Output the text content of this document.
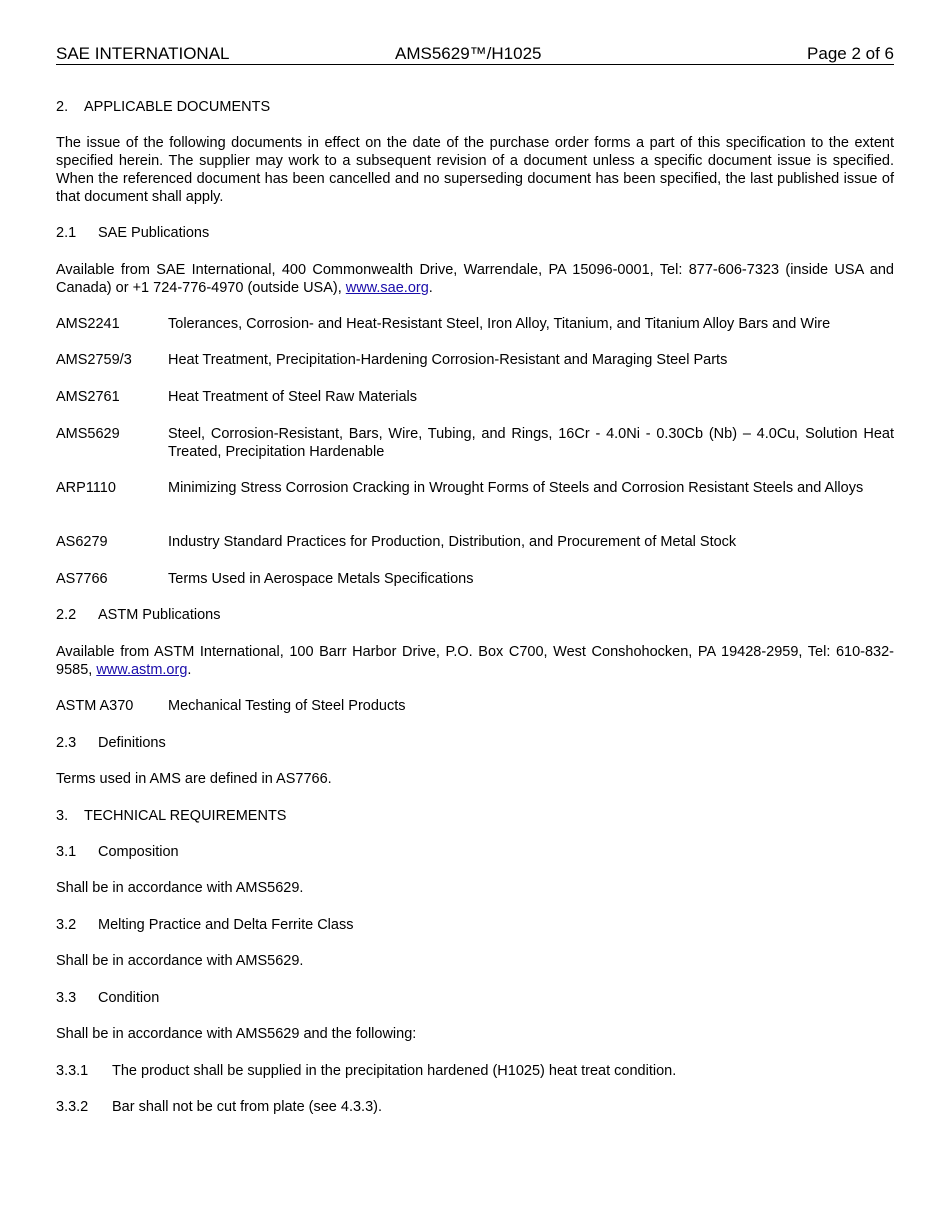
SAE INTERNATIONAL	AMS5629™/H1025	Page 2 of 6
2. APPLICABLE DOCUMENTS

The issue of the following documents in effect on the date of the purchase order forms a part of this specification to the extent specified herein. The supplier may work to a subsequent revision of a document unless a specific document issue is specified. When the referenced document has been cancelled and no superseding document has been specified, the last published issue of that document shall apply.

2.1 SAE Publications

Available from SAE International, 400 Commonwealth Drive, Warrendale, PA 15096-0001, Tel: 877-606-7323 (inside USA and Canada) or +1 724-776-4970 (outside USA), www.sae.org.

AMS2241	Tolerances, Corrosion- and Heat-Resistant Steel, Iron Alloy, Titanium, and Titanium Alloy Bars and Wire
AMS2759/3 Heat Treatment, Precipitation-Hardening Corrosion-Resistant and Maraging Steel Parts
AMS2761	Heat Treatment of Steel Raw Materials
AMS5629	Steel, Corrosion-Resistant, Bars, Wire, Tubing, and Rings, 16Cr - 4.0Ni - 0.30Cb (Nb) – 4.0Cu, Solution Heat Treated, Precipitation Hardenable
ARP1110	Minimizing Stress Corrosion Cracking in Wrought Forms of Steels and Corrosion Resistant Steels and Alloys
AS6279	Industry Standard Practices for Production, Distribution, and Procurement of Metal Stock
AS7766	Terms Used in Aerospace Metals Specifications
2.2 ASTM Publications

Available from ASTM International, 100 Barr Harbor Drive, P.O. Box C700, West Conshohocken, PA 19428-2959, Tel: 610-832-9585, www.astm.org.

ASTM A370 Mechanical Testing of Steel Products
2.3 Definitions

Terms used in AMS are defined in AS7766.

3. TECHNICAL REQUIREMENTS
3.1 Composition

Shall be in accordance with AMS5629.

3.2 Melting Practice and Delta Ferrite Class

Shall be in accordance with AMS5629.

3.3 Condition

Shall be in accordance with AMS5629 and the following:

3.3.1 The product shall be supplied in the precipitation hardened (H1025) heat treat condition.
3.3.2 Bar shall not be cut from plate (see 4.3.3).
